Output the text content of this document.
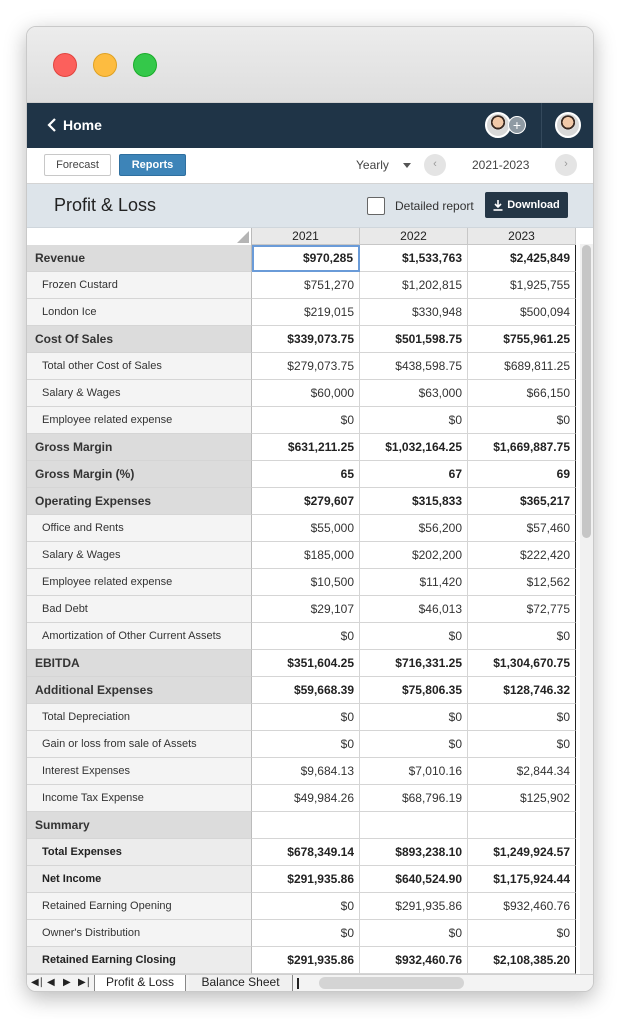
Home	+
Forecast	Reports	Yearly	‹	2021-2023	›
Profit & Loss	Detailed report	Download
2021	2022	2023
Revenue	$970,285	$1,533,763	$2,425,849
Frozen Custard	$751,270	$1,202,815	$1,925,755
London Ice	$219,015	$330,948	$500,094
Cost Of Sales	$339,073.75	$501,598.75	$755,961.25
Total other Cost of Sales	$279,073.75	$438,598.75	$689,811.25
Salary & Wages	$60,000	$63,000	$66,150
Employee related expense	$0	$0	$0
Gross Margin	$631,211.25	$1,032,164.25	$1,669,887.75
Gross Margin (%)	65	67	69
Operating Expenses	$279,607	$315,833	$365,217
Office and Rents	$55,000	$56,200	$57,460
Salary & Wages	$185,000	$202,200	$222,420
Employee related expense	$10,500	$11,420	$12,562
Bad Debt	$29,107	$46,013	$72,775
Amortization of Other Current Assets	$0	$0	$0
EBITDA	$351,604.25	$716,331.25	$1,304,670.75
Additional Expenses	$59,668.39	$75,806.35	$128,746.32
Total Depreciation	$0	$0	$0
Gain or loss from sale of Assets	$0	$0	$0
Interest Expenses	$9,684.13	$7,010.16	$2,844.34
Income Tax Expense	$49,984.26	$68,796.19	$125,902
Summary
Total Expenses	$678,349.14	$893,238.10	$1,249,924.57
Net Income	$291,935.86	$640,524.90	$1,175,924.44
Retained Earning Opening	$0	$291,935.86	$932,460.76
Owner's Distribution	$0	$0	$0
Retained Earning Closing	$291,935.86	$932,460.76	$2,108,385.20
◀∣ ◀ ▶ ▶∣	Profit & Loss	Balance Sheet
